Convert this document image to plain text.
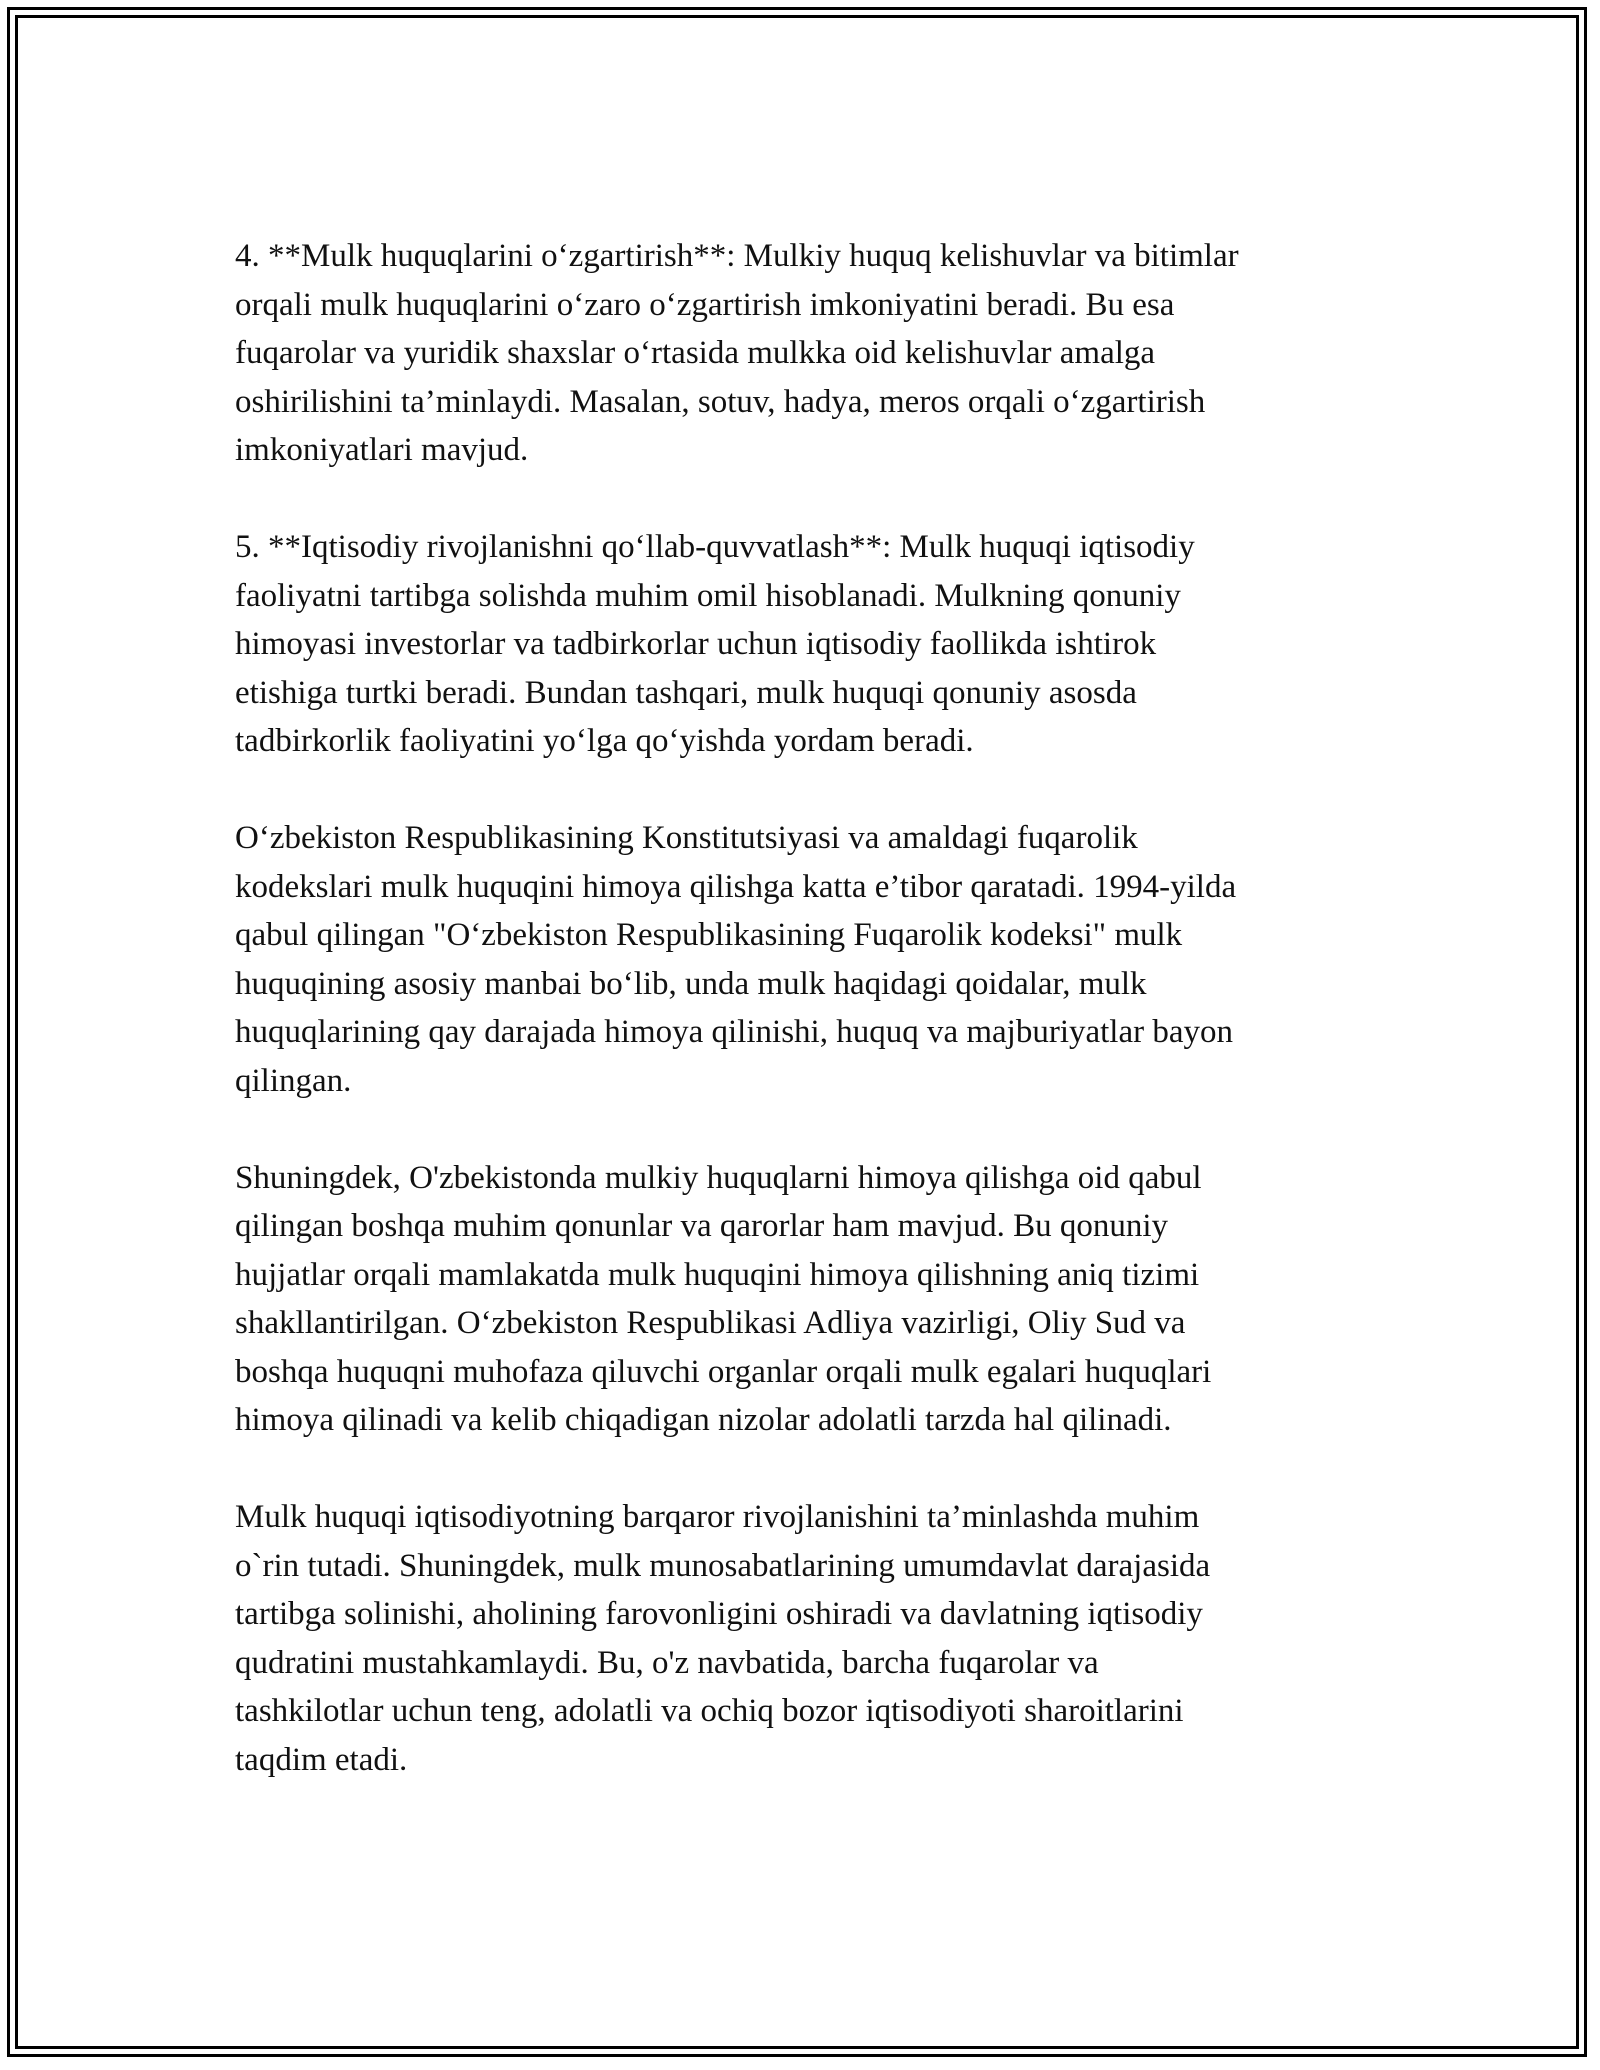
4. **Mulk huquqlarini o‘zgartirish**: Mulkiy huquq kelishuvlar va bitimlar
orqali mulk huquqlarini o‘zaro o‘zgartirish imkoniyatini beradi. Bu esa
fuqarolar va yuridik shaxslar o‘rtasida mulkka oid kelishuvlar amalga
oshirilishini ta’minlaydi. Masalan, sotuv, hadya, meros orqali o‘zgartirish
imkoniyatlari mavjud.

5. **Iqtisodiy rivojlanishni qo‘llab-quvvatlash**: Mulk huquqi iqtisodiy
faoliyatni tartibga solishda muhim omil hisoblanadi. Mulkning qonuniy
himoyasi investorlar va tadbirkorlar uchun iqtisodiy faollikda ishtirok
etishiga turtki beradi. Bundan tashqari, mulk huquqi qonuniy asosda
tadbirkorlik faoliyatini yo‘lga qo‘yishda yordam beradi.

O‘zbekiston Respublikasining Konstitutsiyasi va amaldagi fuqarolik
kodekslari mulk huquqini himoya qilishga katta e’tibor qaratadi. 1994-yilda
qabul qilingan "O‘zbekiston Respublikasining Fuqarolik kodeksi" mulk
huquqining asosiy manbai bo‘lib, unda mulk haqidagi qoidalar, mulk
huquqlarining qay darajada himoya qilinishi, huquq va majburiyatlar bayon
qilingan.

Shuningdek, O'zbekistonda mulkiy huquqlarni himoya qilishga oid qabul
qilingan boshqa muhim qonunlar va qarorlar ham mavjud. Bu qonuniy
hujjatlar orqali mamlakatda mulk huquqini himoya qilishning aniq tizimi
shakllantirilgan. O‘zbekiston Respublikasi Adliya vazirligi, Oliy Sud va
boshqa huquqni muhofaza qiluvchi organlar orqali mulk egalari huquqlari
himoya qilinadi va kelib chiqadigan nizolar adolatli tarzda hal qilinadi.

Mulk huquqi iqtisodiyotning barqaror rivojlanishini ta’minlashda muhim
o`rin tutadi. Shuningdek, mulk munosabatlarining umumdavlat darajasida
tartibga solinishi, aholining farovonligini oshiradi va davlatning iqtisodiy
qudratini mustahkamlaydi. Bu, o'z navbatida, barcha fuqarolar va
tashkilotlar uchun teng, adolatli va ochiq bozor iqtisodiyoti sharoitlarini
taqdim etadi.
